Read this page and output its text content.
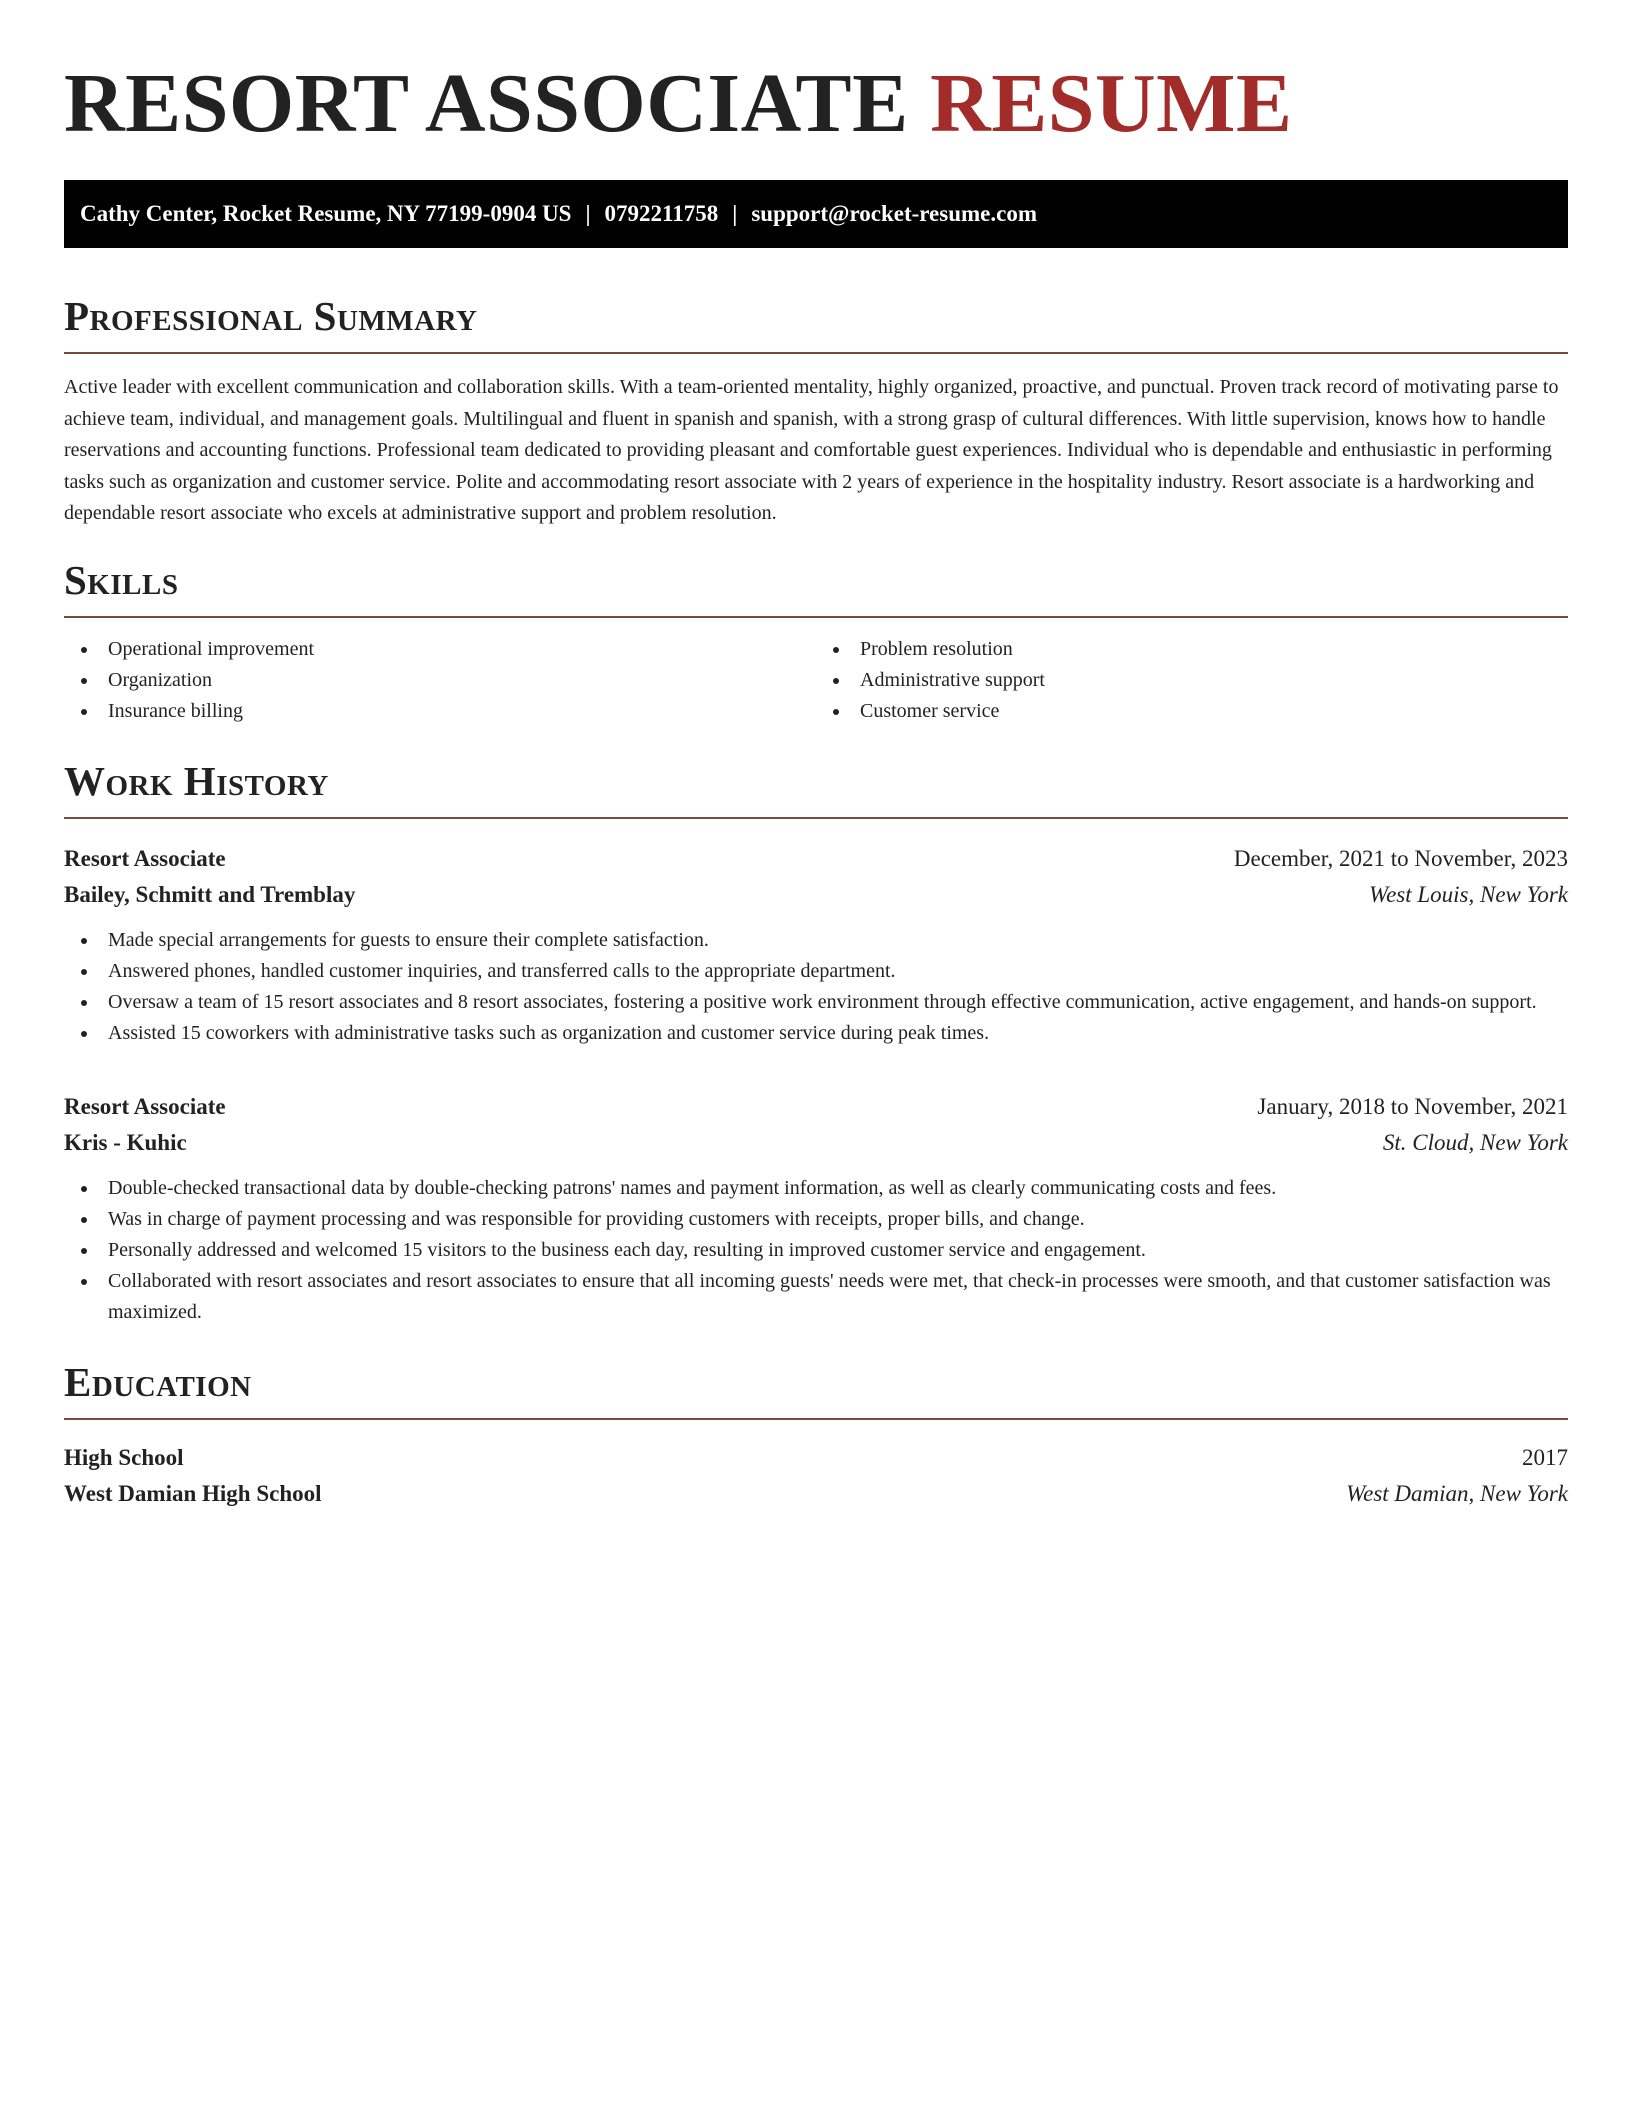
RESORT ASSOCIATE RESUME
Cathy Center, Rocket Resume, NY 77199-0904 US | 0792211758 | support@rocket-resume.com
Professional Summary

Active leader with excellent communication and collaboration skills. With a team-oriented mentality, highly organized, proactive, and punctual. Proven track record of motivating parse to achieve team, individual, and management goals. Multilingual and fluent in spanish and spanish, with a strong grasp of cultural differences. With little supervision, knows how to handle reservations and accounting functions. Professional team dedicated to providing pleasant and comfortable guest experiences. Individual who is dependable and enthusiastic in performing tasks such as organization and customer service. Polite and accommodating resort associate with 2 years of experience in the hospitality industry. Resort associate is a hardworking and dependable resort associate who excels at administrative support and problem resolution.

Skills
Operational improvement
Organization
Insurance billing
Problem resolution
Administrative support
Customer service
Work History
Resort Associate	December, 2021 to November, 2023
Bailey, Schmitt and Tremblay	West Louis, New York
Made special arrangements for guests to ensure their complete satisfaction.
Answered phones, handled customer inquiries, and transferred calls to the appropriate department.
Oversaw a team of 15 resort associates and 8 resort associates, fostering a positive work environment through effective communication, active engagement, and hands-on support.
Assisted 15 coworkers with administrative tasks such as organization and customer service during peak times.
Resort Associate	January, 2018 to November, 2021
Kris - Kuhic	St. Cloud, New York
Double-checked transactional data by double-checking patrons' names and payment information, as well as clearly communicating costs and fees.
Was in charge of payment processing and was responsible for providing customers with receipts, proper bills, and change.
Personally addressed and welcomed 15 visitors to the business each day, resulting in improved customer service and engagement.
Collaborated with resort associates and resort associates to ensure that all incoming guests' needs were met, that check-in processes were smooth, and that customer satisfaction was maximized.
Education
High School	2017
West Damian High School	West Damian, New York
